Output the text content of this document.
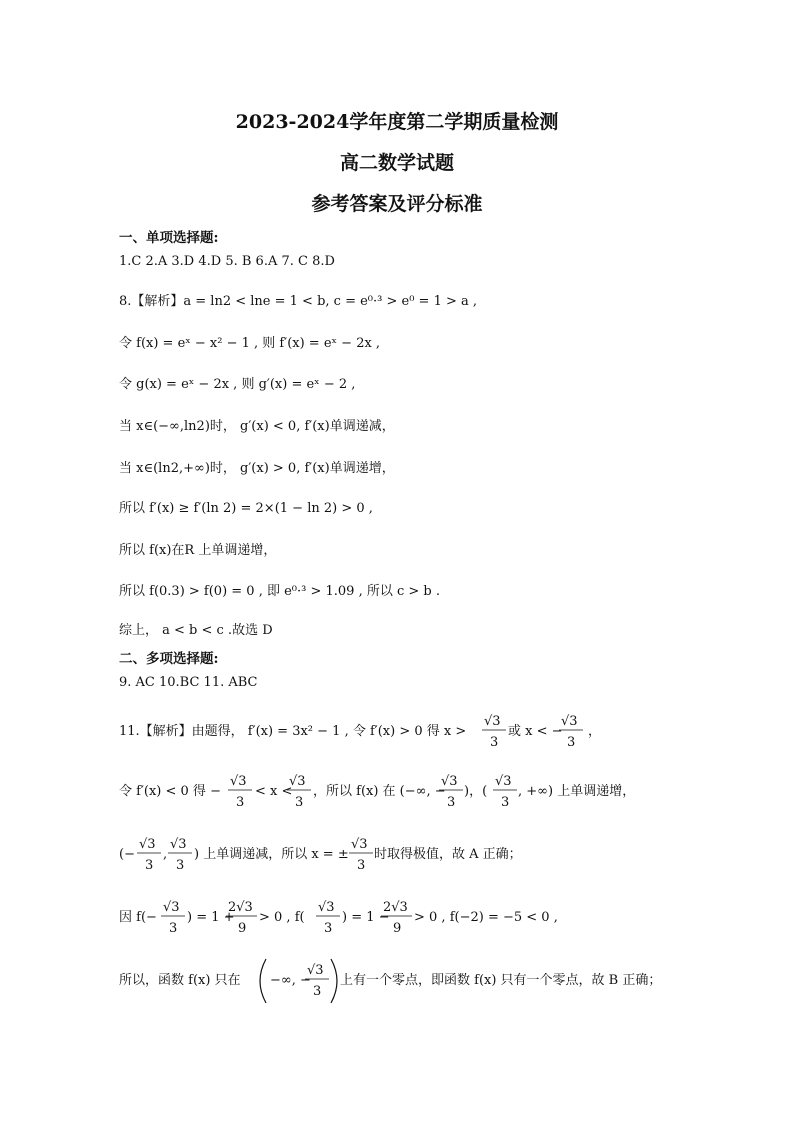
2023-2024学年度第二学期质量检测
高二数学试题
参考答案及评分标准
一、单项选择题:
1.C 2.A 3.D 4.D 5. B 6.A 7. C 8.D
8.【解析】a = ln2 < lne = 1 < b, c = e⁰·³ > e⁰ = 1 > a ,
令 f(x) = eˣ − x² − 1 , 则 f′(x) = eˣ − 2x ,
令 g(x) = eˣ − 2x , 则 g′(x) = eˣ − 2 ,
当 x∈(−∞,ln2)时， g′(x) < 0, f′(x)单调递减，
当 x∈(ln2,+∞)时， g′(x) > 0, f′(x)单调递增，
所以 f′(x) ≥ f′(ln 2) = 2×(1 − ln 2) > 0 ,
所以 f(x)在R 上单调递增，
所以 f(0.3) > f(0) = 0 , 即 e⁰·³ > 1.09 , 所以 c > b .
综上， a < b < c .故选 D
二、多项选择题:
9. AC 10.BC 11. ABC
11.【解析】由题得， f′(x) = 3x² − 1 , 令 f′(x) > 0 得 x >
√3
3
或 x < −
√3
3
，
令 f′(x) < 0 得 −
√3
3
< x <
√3
3
，所以 f(x) 在 (−∞, −
√3
3
)，(
√3
3
, +∞) 上单调递增，
(−
√3
3
,
√3
3
) 上单调递减，所以 x = ±
√3
3
时取得极值，故 A 正确；
因 f(−
√3
3
) = 1 +
2√3
9
> 0 , f(
√3
3
) = 1 −
2√3
9
> 0 , f(−2) = −5 < 0 ,
所以，函数 f(x) 只在 −∞, −
√3
3
上有一个零点，即函数 f(x) 只有一个零点，故 B 正确；
